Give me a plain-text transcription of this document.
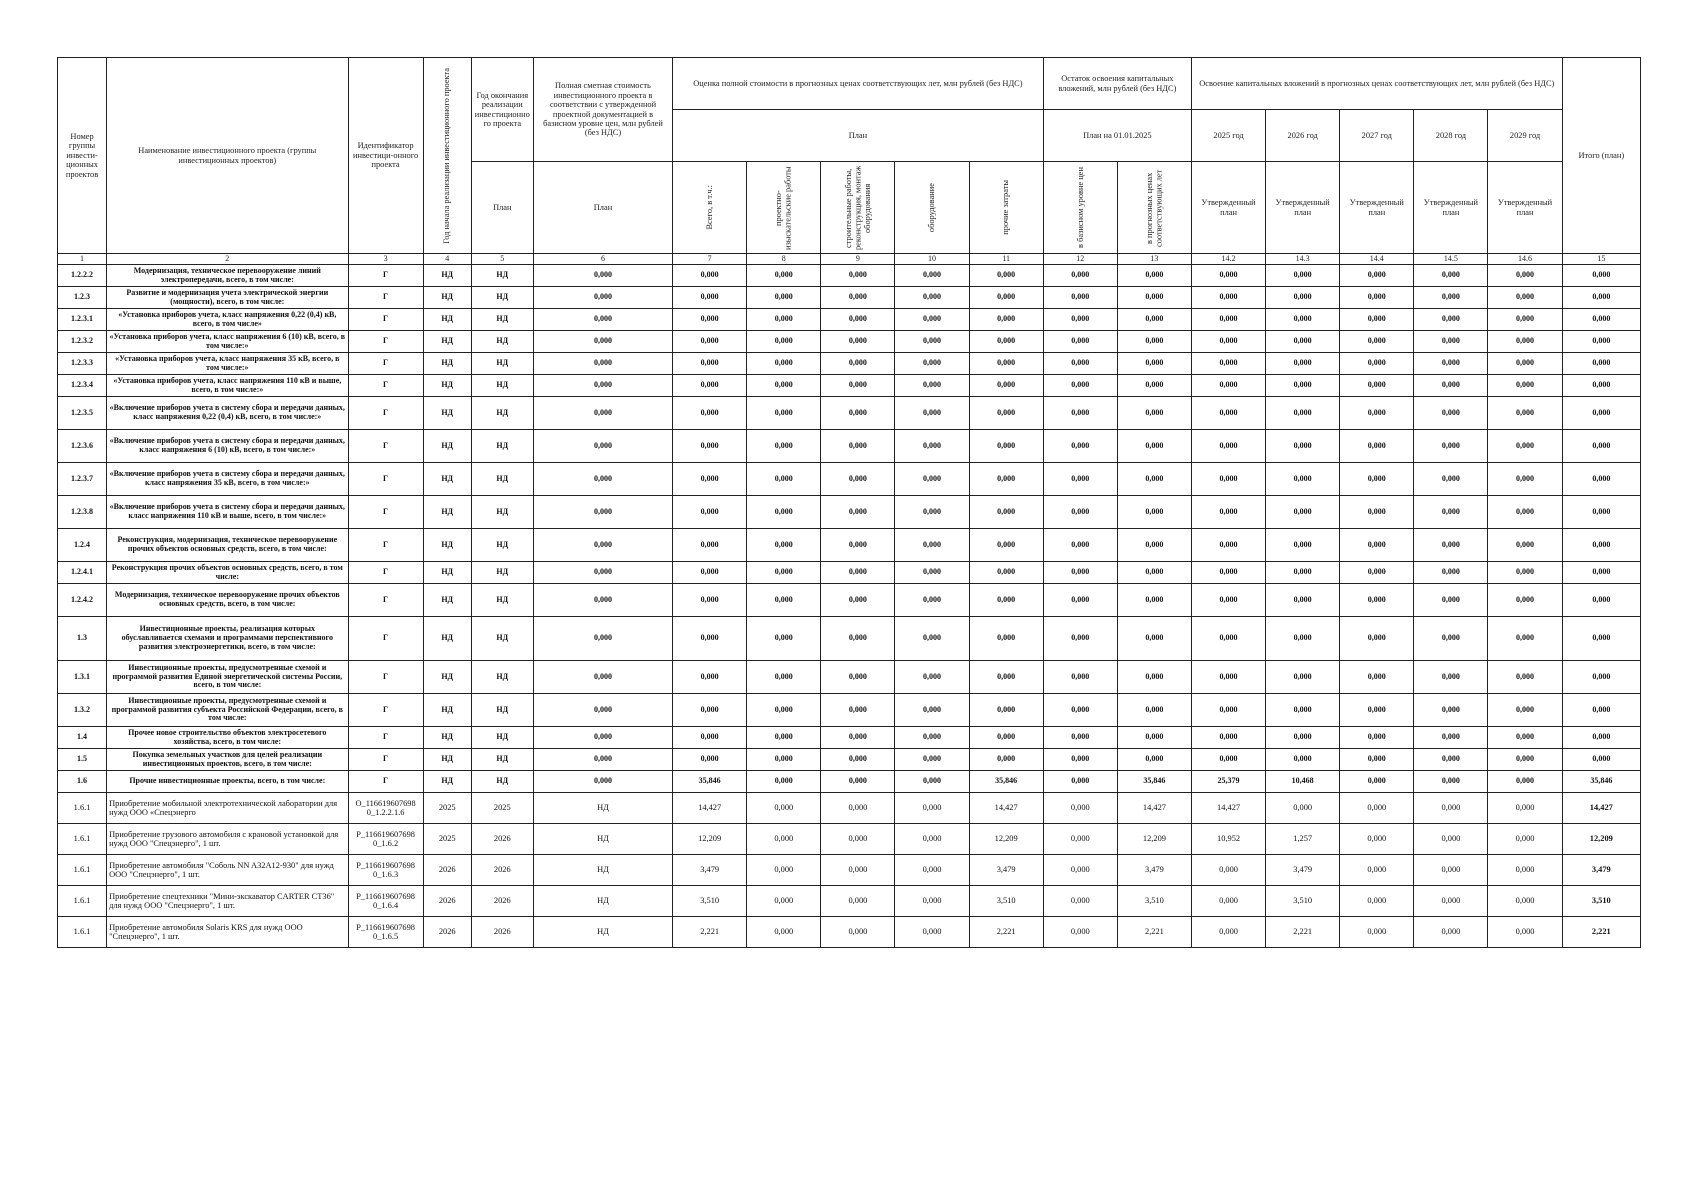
Номер группы инвести-ционных проектов	Наименование инвестиционного проекта (группы инвестиционных проектов)	Идентификатор инвестици-онного проекта	Год начала реализации инвестиционного проекта	Год окончания реализации инвестиционного проекта	Полная сметная стоимость инвестиционного проекта в соответствии с утвержденной проектной документацией в базисном уровне цен, млн рублей (без НДС)	Оценка полной стоимости в прогнозных ценах соответствующих лет, млн рублей (без НДС)					Остаток освоения капитальных вложений, млн рублей (без НДС)		Освоение капитальных вложений в прогнозных ценах соответствующих лет, млн рублей (без НДС)					Итого (план)
						План					План на 01.01.2025		2025 год	2026 год	2027 год	2028 год	2029 год	
				План	План	Всего, в т.ч.:	проектно-изыскательские работы	строительные работы, реконструкция, монтаж оборудования	оборудование	прочие затраты	в базисном уровне цен	в прогнозных ценах соответствующих лет	Утвержденный план	Утвержденный план	Утвержденный план	Утвержденный план	Утвержденный план	
1	2	3	4	5	6	7	8	9	10	11	12	13	14.2	14.3	14.4	14.5	14.6	15
1.2.2.2	Модернизация, техническое перевооружение линий электропередачи, всего, в том числе:	Г	НД	НД	0,000	0,000	0,000	0,000	0,000	0,000	0,000	0,000	0,000	0,000	0,000	0,000	0,000	0,000
1.2.3	Развитие и модернизация учета электрической энергии (мощности), всего, в том числе:	Г	НД	НД	0,000	0,000	0,000	0,000	0,000	0,000	0,000	0,000	0,000	0,000	0,000	0,000	0,000	0,000
1.2.3.1	«Установка приборов учета, класс напряжения 0,22 (0,4) кВ, всего, в том числе»	Г	НД	НД	0,000	0,000	0,000	0,000	0,000	0,000	0,000	0,000	0,000	0,000	0,000	0,000	0,000	0,000
1.2.3.2	«Установка приборов учета, класс напряжения 6 (10) кВ, всего, в том числе:»	Г	НД	НД	0,000	0,000	0,000	0,000	0,000	0,000	0,000	0,000	0,000	0,000	0,000	0,000	0,000	0,000
1.2.3.3	«Установка приборов учета, класс напряжения 35 кВ, всего, в том числе:»	Г	НД	НД	0,000	0,000	0,000	0,000	0,000	0,000	0,000	0,000	0,000	0,000	0,000	0,000	0,000	0,000
1.2.3.4	«Установка приборов учета, класс напряжения 110 кВ и выше, всего, в том числе:»	Г	НД	НД	0,000	0,000	0,000	0,000	0,000	0,000	0,000	0,000	0,000	0,000	0,000	0,000	0,000	0,000
1.2.3.5	«Включение приборов учета в систему сбора и передачи данных, класс напряжения 0,22 (0,4) кВ, всего, в том числе:»	Г	НД	НД	0,000	0,000	0,000	0,000	0,000	0,000	0,000	0,000	0,000	0,000	0,000	0,000	0,000	0,000
1.2.3.6	«Включение приборов учета в систему сбора и передачи данных, класс напряжения 6 (10) кВ, всего, в том числе:»	Г	НД	НД	0,000	0,000	0,000	0,000	0,000	0,000	0,000	0,000	0,000	0,000	0,000	0,000	0,000	0,000
1.2.3.7	«Включение приборов учета в систему сбора и передачи данных, класс напряжения 35 кВ, всего, в том числе:»	Г	НД	НД	0,000	0,000	0,000	0,000	0,000	0,000	0,000	0,000	0,000	0,000	0,000	0,000	0,000	0,000
1.2.3.8	«Включение приборов учета в систему сбора и передачи данных, класс напряжения 110 кВ и выше, всего, в том числе:»	Г	НД	НД	0,000	0,000	0,000	0,000	0,000	0,000	0,000	0,000	0,000	0,000	0,000	0,000	0,000	0,000
1.2.4	Реконструкция, модернизация, техническое перевооружение прочих объектов основных средств, всего, в том числе:	Г	НД	НД	0,000	0,000	0,000	0,000	0,000	0,000	0,000	0,000	0,000	0,000	0,000	0,000	0,000	0,000
1.2.4.1	Реконструкция прочих объектов основных средств, всего, в том числе:	Г	НД	НД	0,000	0,000	0,000	0,000	0,000	0,000	0,000	0,000	0,000	0,000	0,000	0,000	0,000	0,000
1.2.4.2	Модернизация, техническое перевооружение прочих объектов основных средств, всего, в том числе:	Г	НД	НД	0,000	0,000	0,000	0,000	0,000	0,000	0,000	0,000	0,000	0,000	0,000	0,000	0,000	0,000
1.3	Инвестиционные проекты, реализация которых обуславливается схемами и программами перспективного развития электроэнергетики, всего, в том числе:	Г	НД	НД	0,000	0,000	0,000	0,000	0,000	0,000	0,000	0,000	0,000	0,000	0,000	0,000	0,000	0,000
1.3.1	Инвестиционные проекты, предусмотренные схемой и программой развития Единой энергетической системы России, всего, в том числе:	Г	НД	НД	0,000	0,000	0,000	0,000	0,000	0,000	0,000	0,000	0,000	0,000	0,000	0,000	0,000	0,000
1.3.2	Инвестиционные проекты, предусмотренные схемой и программой развития субъекта Российской Федерации, всего, в том числе:	Г	НД	НД	0,000	0,000	0,000	0,000	0,000	0,000	0,000	0,000	0,000	0,000	0,000	0,000	0,000	0,000
1.4	Прочее новое строительство объектов электросетевого хозяйства, всего, в том числе:	Г	НД	НД	0,000	0,000	0,000	0,000	0,000	0,000	0,000	0,000	0,000	0,000	0,000	0,000	0,000	0,000
1.5	Покупка земельных участков для целей реализации инвестиционных проектов, всего, в том числе:	Г	НД	НД	0,000	0,000	0,000	0,000	0,000	0,000	0,000	0,000	0,000	0,000	0,000	0,000	0,000	0,000
1.6	Прочие инвестиционные проекты, всего, в том числе:	Г	НД	НД	0,000	35,846	0,000	0,000	0,000	35,846	0,000	35,846	25,379	10,468	0,000	0,000	0,000	35,846
1.6.1	Приобретение мобильной электротехнической лаборатории для нужд ООО «Спецэнерго	О_116619607698 0_1.2.2.1.6	2025	2025	НД	14,427	0,000	0,000	0,000	14,427	0,000	14,427	14,427	0,000	0,000	0,000	0,000	14,427
1.6.1	Приобретение грузового автомобиля с крановой установкой для нужд ООО "Спецэнерго", 1 шт.	Р_116619607698 0_1.6.2	2025	2026	НД	12,209	0,000	0,000	0,000	12,209	0,000	12,209	10,952	1,257	0,000	0,000	0,000	12,209
1.6.1	Приобретение автомобиля "Соболь NN A32A12-930" для нужд ООО "Спецэнерго", 1 шт.	Р_116619607698 0_1.6.3	2026	2026	НД	3,479	0,000	0,000	0,000	3,479	0,000	3,479	0,000	3,479	0,000	0,000	0,000	3,479
1.6.1	Приобретение спецтехники "Мини-экскаватор CARTER CT36" для нужд ООО "Спецэнерго", 1 шт.	Р_116619607698 0_1.6.4	2026	2026	НД	3,510	0,000	0,000	0,000	3,510	0,000	3,510	0,000	3,510	0,000	0,000	0,000	3,510
1.6.1	Приобретение автомобиля Solaris KRS для нужд ООО "Спецэнерго", 1 шт.	Р_116619607698 0_1.6.5	2026	2026	НД	2,221	0,000	0,000	0,000	2,221	0,000	2,221	0,000	2,221	0,000	0,000	0,000	2,221
